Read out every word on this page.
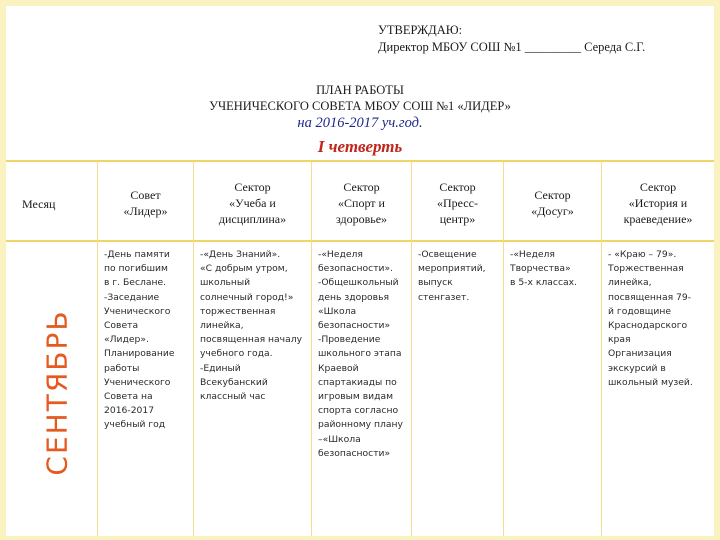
УТВЕРЖДАЮ:
Директор МБОУ СОШ №1 _________ Середа С.Г.
ПЛАН РАБОТЫ
УЧЕНИЧЕСКОГО СОВЕТА МБОУ СОШ №1 «ЛИДЕР»
на 2016-2017 уч.год.
I четверть
Месяц
Совет
«Лидер»
Сектор
«Учеба и
дисциплина»
Сектор
«Спорт и
здоровье»
Сектор
«Пресс-
центр»
Сектор
«Досуг»
Сектор
«История и
краеведение»
-День памяти
по погибшим
в г. Беслане.
-Заседание
Ученического
Совета
«Лидер».
Планирование
работы
Ученического
Совета на
2016-2017
учебный год
-«День Знаний».
«С добрым утром,
школьный
солнечный город!»
торжественная
линейка,
посвященная началу
учебного года.
-Единый
Всекубанский
классный час
-«Неделя
безопасности».
-Общешкольный
день здоровья
«Школа
безопасности»
-Проведение
школьного этапа
Краевой
спартакиады по
игровым видам
спорта согласно
районному плану
–«Школа
безопасности»
-Освещение
мероприятий,
выпуск
стенгазет.
-«Неделя
Творчества»
в 5-х классах.
- «Краю – 79».
Торжественная
линейка,
посвященная 79-
й годовщине
Краснодарского
края
Организация
экскурсий в
школьный музей.
СЕНТЯБРЬ
